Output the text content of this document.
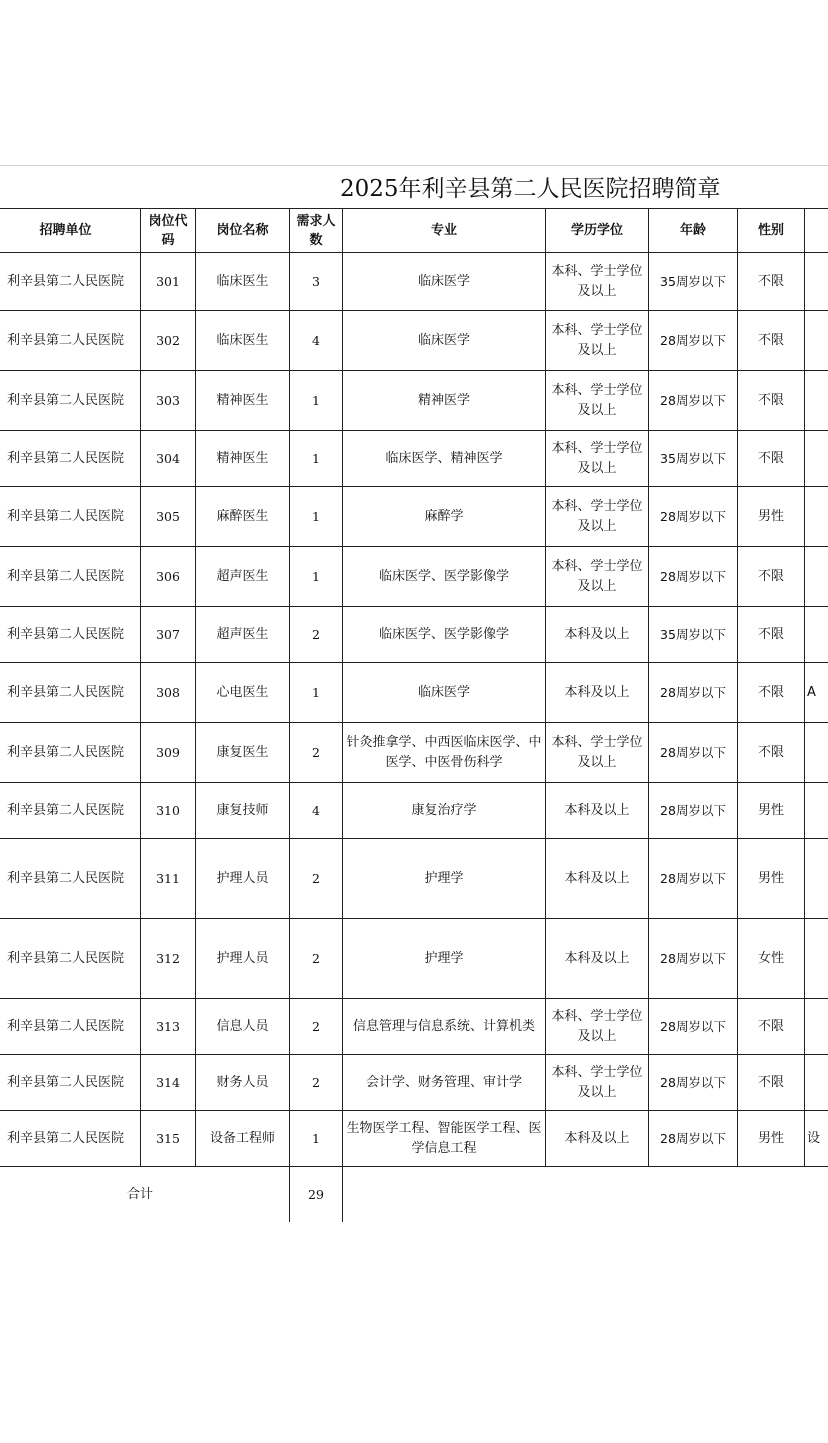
2025年利辛县第二人民医院招聘简章
招聘单位	岗位代码	岗位名称	需求人数	专业	学历学位	年龄	性别	
利辛县第二人民医院	301	临床医生	3	临床医学	本科、学士学位及以上	35周岁以下	不限	
利辛县第二人民医院	302	临床医生	4	临床医学	本科、学士学位及以上	28周岁以下	不限	
利辛县第二人民医院	303	精神医生	1	精神医学	本科、学士学位及以上	28周岁以下	不限	
利辛县第二人民医院	304	精神医生	1	临床医学、精神医学	本科、学士学位及以上	35周岁以下	不限	
利辛县第二人民医院	305	麻醉医生	1	麻醉学	本科、学士学位及以上	28周岁以下	男性	
利辛县第二人民医院	306	超声医生	1	临床医学、医学影像学	本科、学士学位及以上	28周岁以下	不限	
利辛县第二人民医院	307	超声医生	2	临床医学、医学影像学	本科及以上	35周岁以下	不限	
利辛县第二人民医院	308	心电医生	1	临床医学	本科及以上	28周岁以下	不限	A
利辛县第二人民医院	309	康复医生	2	针灸推拿学、中西医临床医学、中医学、中医骨伤科学	本科、学士学位及以上	28周岁以下	不限	
利辛县第二人民医院	310	康复技师	4	康复治疗学	本科及以上	28周岁以下	男性	
利辛县第二人民医院	311	护理人员	2	护理学	本科及以上	28周岁以下	男性	
利辛县第二人民医院	312	护理人员	2	护理学	本科及以上	28周岁以下	女性	
利辛县第二人民医院	313	信息人员	2	信息管理与信息系统、计算机类	本科、学士学位及以上	28周岁以下	不限	
利辛县第二人民医院	314	财务人员	2	会计学、财务管理、审计学	本科、学士学位及以上	28周岁以下	不限	
利辛县第二人民医院	315	设备工程师	1	生物医学工程、智能医学工程、医学信息工程	本科及以上	28周岁以下	男性	设
合计			29					
